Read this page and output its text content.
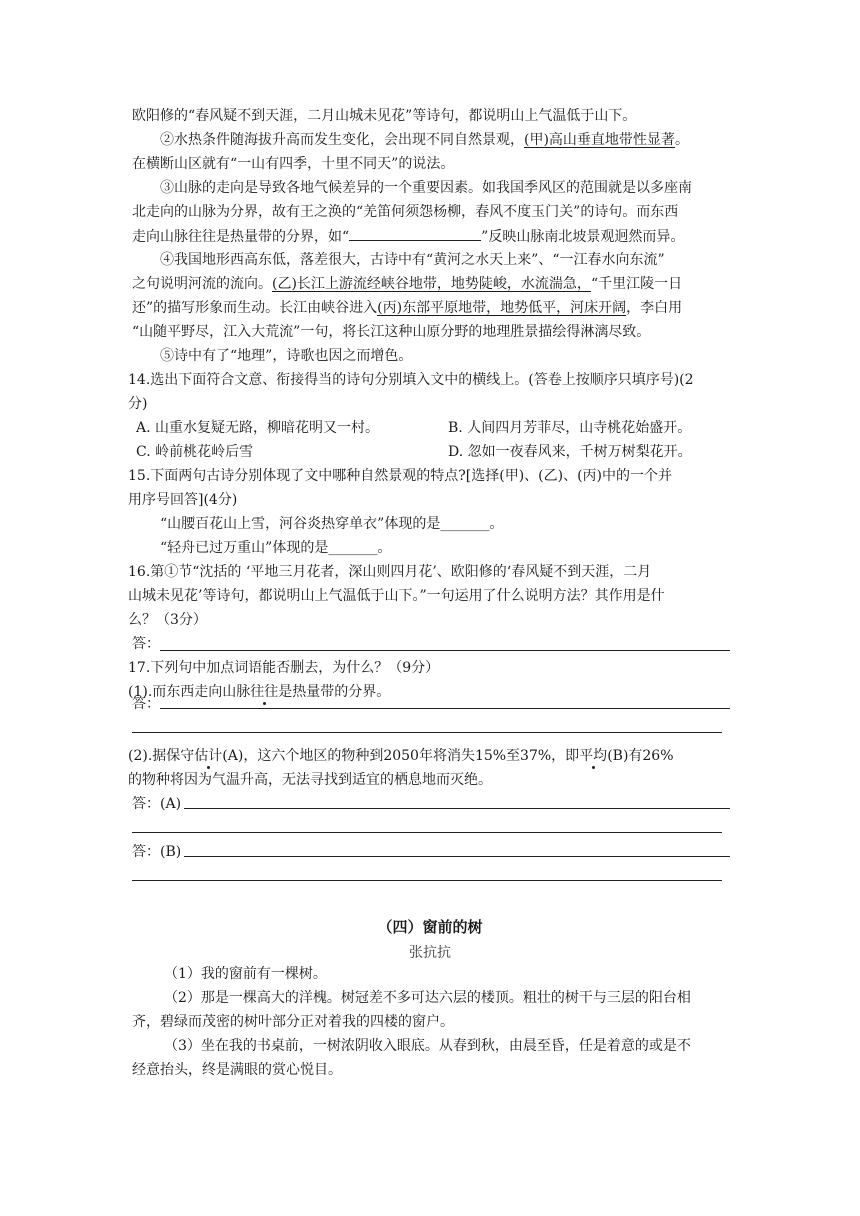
欧阳修的“春风疑不到天涯，二月山城未见花”等诗句，都说明山上气温低于山下。
②水热条件随海拔升高而发生变化，会出现不同自然景观，(甲)高山垂直地带性显著。
在横断山区就有“一山有四季，十里不同天”的说法。
③山脉的走向是导致各地气候差异的一个重要因素。如我国季风区的范围就是以多座南
北走向的山脉为分界，故有王之涣的“羌笛何须怨杨柳，春风不度玉门关”的诗句。而东西
走向山脉往往是热量带的分界，如“	”反映山脉南北坡景观迥然而异。
④我国地形西高东低，落差很大，古诗中有“黄河之水天上来”、“一江春水向东流”
之句说明河流的流向。(乙)长江上游流经峡谷地带，地势陡峻，水流湍急，“千里江陵一日
还”的描写形象而生动。长江由峡谷进入(丙)东部平原地带，地势低平，河床开阔，李白用
“山随平野尽，江入大荒流”一句，将长江这种山原分野的地理胜景描绘得淋漓尽致。
⑤诗中有了“地理”，诗歌也因之而增色。
14.选出下面符合文意、衔接得当的诗句分别填入文中的横线上。(答卷上按顺序只填序号)(2
分)
A. 山重水复疑无路，柳暗花明又一村。	B. 人间四月芳菲尽，山寺桃花始盛开。
C. 岭前桃花岭后雪	D. 忽如一夜春风来，千树万树梨花开。
15.下面两句古诗分别体现了文中哪种自然景观的特点?[选择(甲)、(乙)、(丙)中的一个并
用序号回答](4分)
“山腰百花山上雪，河谷炎热穿单衣”体现的是_______。
“轻舟已过万重山”体现的是_______。
16.第①节“沈括的 ‘平地三月花者，深山则四月花’、欧阳修的‘春风疑不到天涯，二月
山城未见花’等诗句，都说明山上气温低于山下。”一句运用了什么说明方法？其作用是什
么？（3分）
答：
17.下列句中加点词语能否删去，为什么？（9分）
(1).而东西走向山脉往往是热量带的分界。
答：
(2).据保守估计(A)，这六个地区的物种到2050年将消失15%至37%，即平均(B)有26%
的物种将因为气温升高，无法寻找到适宜的栖息地而灭绝。
答：(A)
答：(B)
（四）窗前的树
张抗抗
（1）我的窗前有一棵树。
（2）那是一棵高大的洋槐。树冠差不多可达六层的楼顶。粗壮的树干与三层的阳台相
齐，碧绿而茂密的树叶部分正对着我的四楼的窗户。
（3）坐在我的书桌前，一树浓阴收入眼底。从春到秋，由晨至昏，任是着意的或是不
经意抬头，终是满眼的赏心悦目。
